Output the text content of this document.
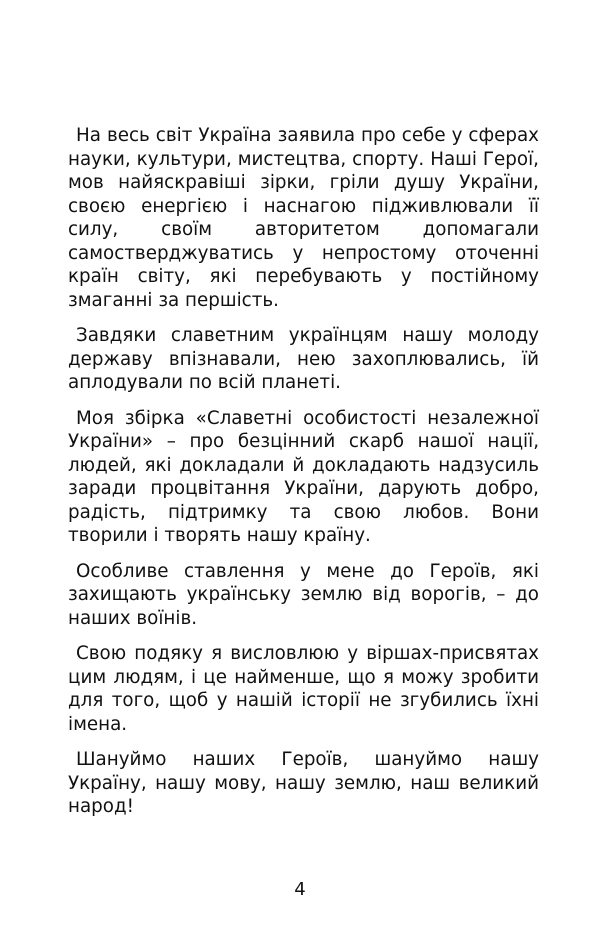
На весь світ Україна заявила про себе у сферах науки, культури, мистецтва, спорту. Наші Герої, мов найяскравіші зірки, гріли душу України, своєю енергією і наснагою підживлювали її силу, своїм авторитетом допомагали самостверджуватись у непростому оточенні країн світу, які перебувають у постійному змаганні за першість.

Завдяки славетним українцям нашу молоду державу впізнавали, нею захоплювались, їй аплодували по всій планеті.

Моя збірка «Славетні особистості незалежної України» – про безцінний скарб нашої нації, людей, які докладали й докладають надзусиль заради процвітання України, дарують добро, радість, підтримку та свою любов. Вони творили і творять нашу країну.

Особливе ставлення у мене до Героїв, які захищають українську землю від ворогів, – до наших воїнів.

Свою подяку я висловлюю у віршах-присвятах цим людям, і це найменше, що я можу зробити для того, щоб у нашій історії не згубились їхні імена.

Шануймо наших Героїв, шануймо нашу Україну, нашу мову, нашу землю, наш великий народ!

4
